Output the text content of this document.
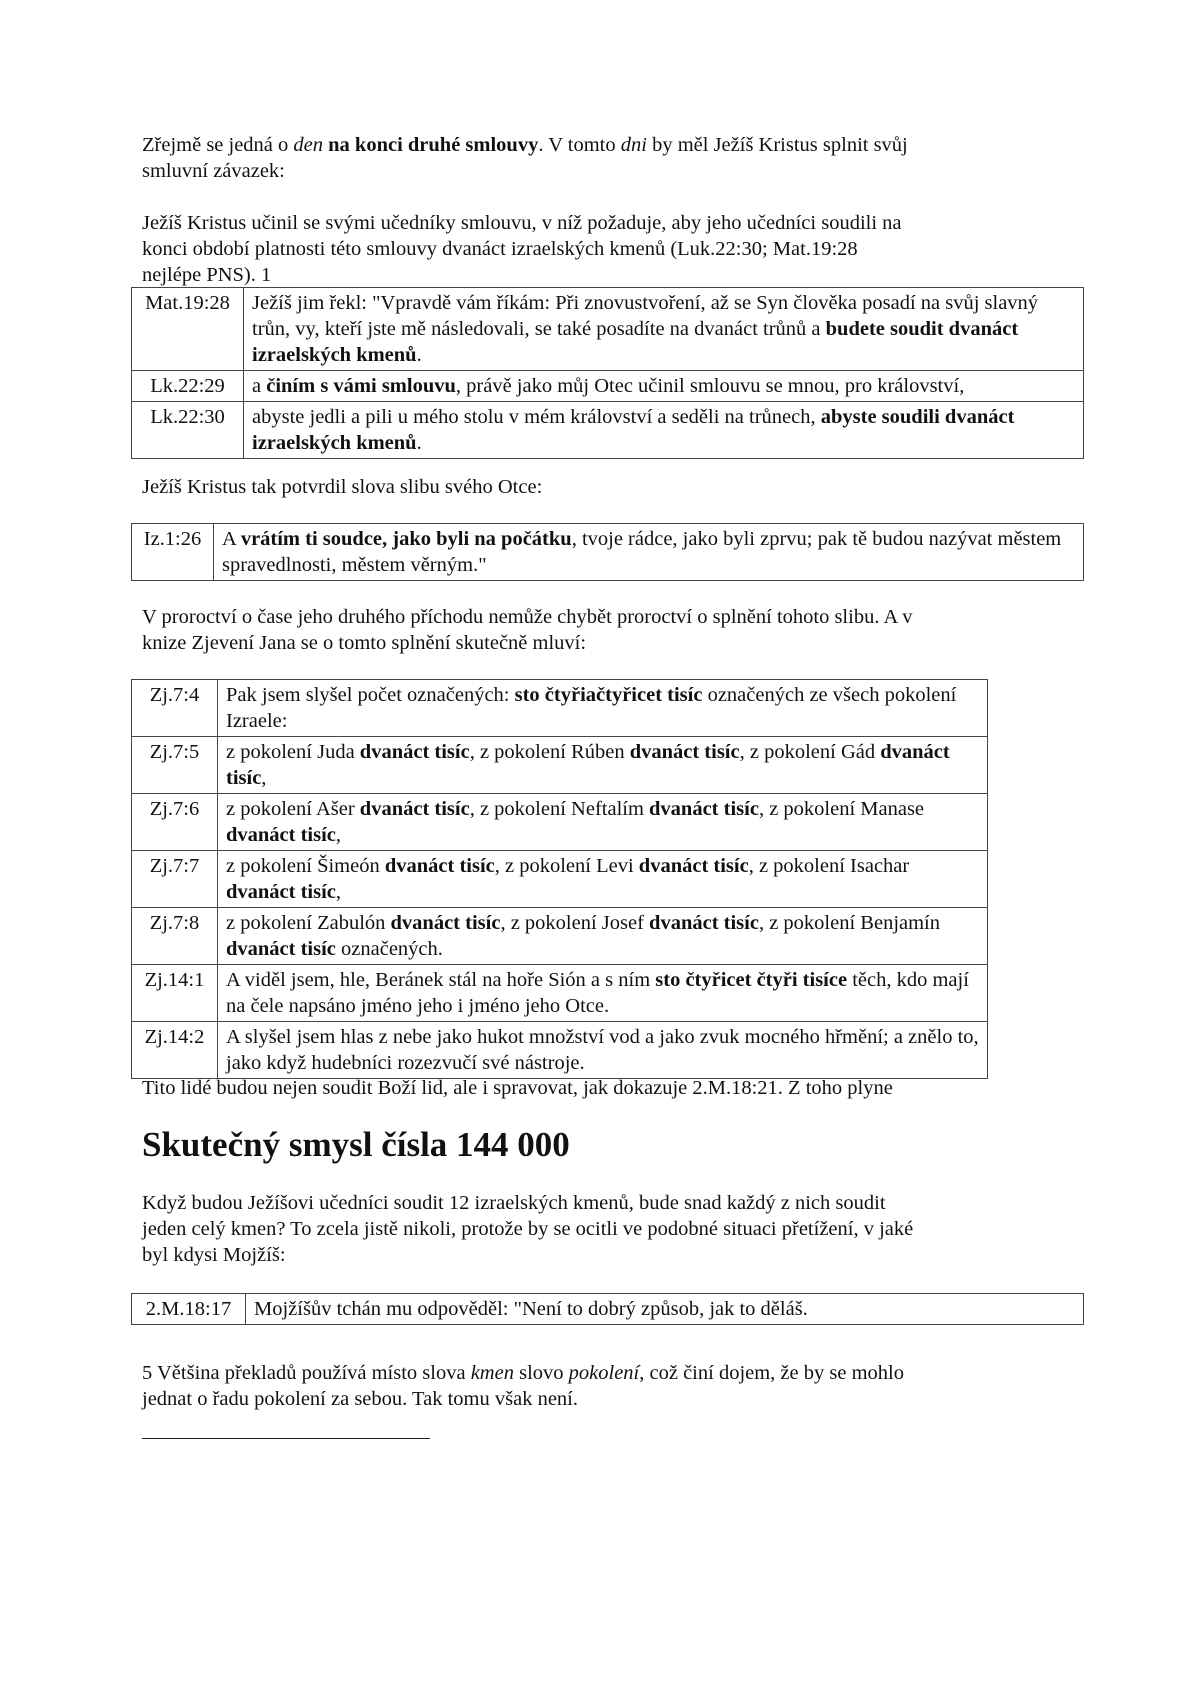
Zřejmě se jedná o den na konci druhé smlouvy. V tomto dni by měl Ježíš Kristus splnit svůj

smluvní závazek:

Ježíš Kristus učinil se svými učedníky smlouvu, v níž požaduje, aby jeho učedníci soudili na

konci období platnosti této smlouvy dvanáct izraelských kmenů (Luk.22:30; Mat.19:28

nejlépe PNS). 1

Mat.19:28	Ježíš jim řekl: "Vpravdě vám říkám: Při znovustvoření, až se Syn člověka posadí na svůj slavný trůn, vy, kteří jste mě následovali, se také posadíte na dvanáct trůnů a budete soudit dvanáct izraelských kmenů.
Lk.22:29	a činím s vámi smlouvu, právě jako můj Otec učinil smlouvu se mnou, pro království,
Lk.22:30	abyste jedli a pili u mého stolu v mém království a seděli na trůnech, abyste soudili dvanáct izraelských kmenů.

Ježíš Kristus tak potvrdil slova slibu svého Otce:

Iz.1:26	A vrátím ti soudce, jako byli na počátku, tvoje rádce, jako byli zprvu; pak tě budou nazývat městem spravedlnosti, městem věrným."

V proroctví o čase jeho druhého příchodu nemůže chybět proroctví o splnění tohoto slibu. A v

knize Zjevení Jana se o tomto splnění skutečně mluví:

Zj.7:4	Pak jsem slyšel počet označených: sto čtyřiačtyřicet tisíc označených ze všech pokolení Izraele:
Zj.7:5	z pokolení Juda dvanáct tisíc, z pokolení Rúben dvanáct tisíc, z pokolení Gád dvanáct tisíc,
Zj.7:6	z pokolení Ašer dvanáct tisíc, z pokolení Neftalím dvanáct tisíc, z pokolení Manase dvanáct tisíc,
Zj.7:7	z pokolení Šimeón dvanáct tisíc, z pokolení Levi dvanáct tisíc, z pokolení Isachar dvanáct tisíc,
Zj.7:8	z pokolení Zabulón dvanáct tisíc, z pokolení Josef dvanáct tisíc, z pokolení Benjamín dvanáct tisíc označených.
Zj.14:1	A viděl jsem, hle, Beránek stál na hoře Sión a s ním sto čtyřicet čtyři tisíce těch, kdo mají na čele napsáno jméno jeho i jméno jeho Otce.
Zj.14:2	A slyšel jsem hlas z nebe jako hukot množství vod a jako zvuk mocného hřmění; a znělo to, jako když hudebníci rozezvučí své nástroje.

Tito lidé budou nejen soudit Boží lid, ale i spravovat, jak dokazuje 2.M.18:21. Z toho plyne

Skutečný smysl čísla 144 000

Když budou Ježíšovi učedníci soudit 12 izraelských kmenů, bude snad každý z nich soudit

jeden celý kmen? To zcela jistě nikoli, protože by se ocitli ve podobné situaci přetížení, v jaké

byl kdysi Mojžíš:

2.M.18:17	Mojžíšův tchán mu odpověděl: "Není to dobrý způsob, jak to děláš.

5 Většina překladů používá místo slova kmen slovo pokolení, což činí dojem, že by se mohlo

jednat o řadu pokolení za sebou. Tak tomu však není.
